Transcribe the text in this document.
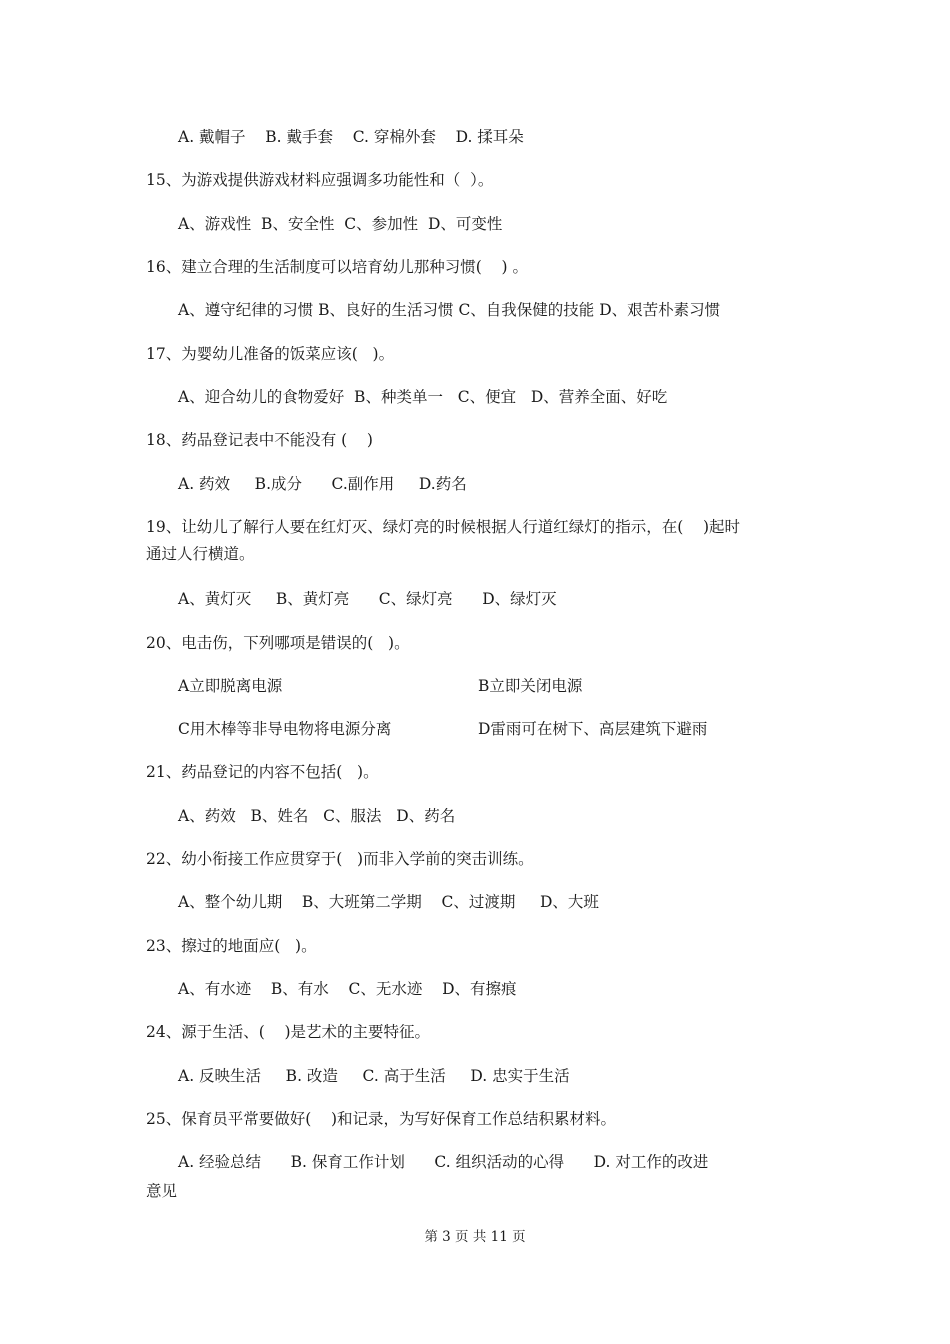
A. 戴帽子    B. 戴手套    C. 穿棉外套    D. 揉耳朵
15、为游戏提供游戏材料应强调多功能性和（  ）。
A、游戏性  B、安全性  C、参加性  D、可变性
16、建立合理的生活制度可以培育幼儿那种习惯(    ) 。
A、遵守纪律的习惯 B、良好的生活习惯 C、自我保健的技能 D、艰苦朴素习惯
17、为婴幼儿准备的饭菜应该(   )。
A、迎合幼儿的食物爱好  B、种类单一   C、便宜   D、营养全面、好吃
18、药品登记表中不能没有 (    )
A. 药效     B.成分      C.副作用     D.药名
19、让幼儿了解行人要在红灯灭、绿灯亮的时候根据人行道红绿灯的指示，在(    )起时
通过人行横道。
A、黄灯灭     B、黄灯亮      C、绿灯亮      D、绿灯灭
20、电击伤，下列哪项是错误的(   )。
A立即脱离电源	B立即关闭电源
C用木棒等非导电物将电源分离	D雷雨可在树下、高层建筑下避雨
21、药品登记的内容不包括(   )。
A、药效   B、姓名   C、服法   D、药名
22、幼小衔接工作应贯穿于(   )而非入学前的突击训练。
A、整个幼儿期    B、大班第二学期    C、过渡期     D、大班
23、擦过的地面应(   )。
A、有水迹    B、有水    C、无水迹    D、有擦痕
24、源于生活、(    )是艺术的主要特征。
A. 反映生活     B. 改造     C. 高于生活     D. 忠实于生活
25、保育员平常要做好(    )和记录，为写好保育工作总结积累材料。
A. 经验总结      B. 保育工作计划      C. 组织活动的心得      D. 对工作的改进
意见
第 3 页 共 11 页
